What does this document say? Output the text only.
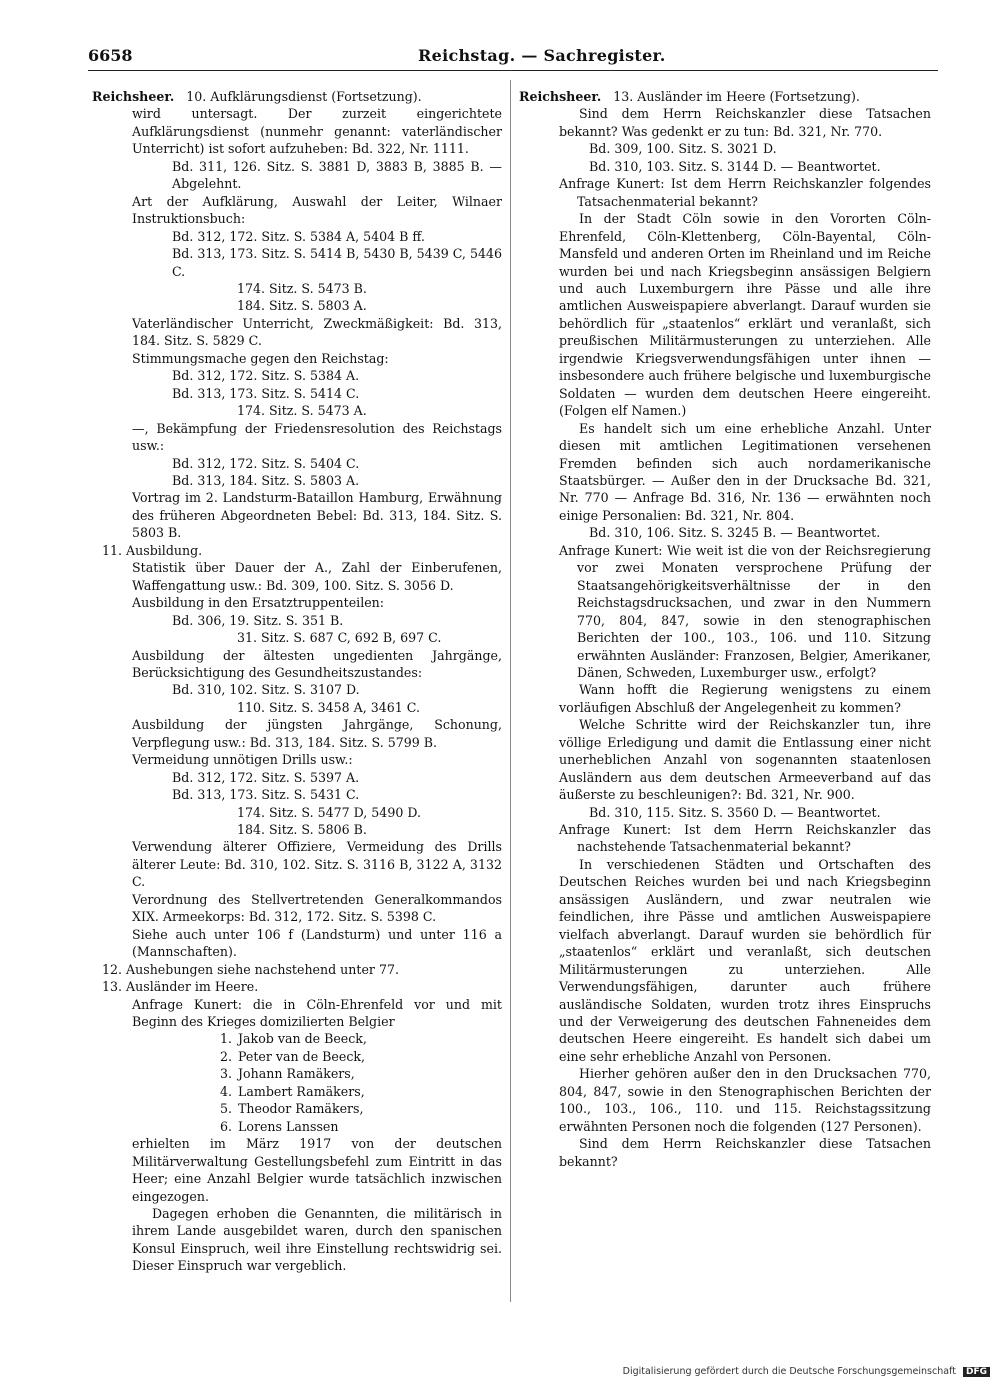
6658	Reichstag. — Sachregister.

Reichsheer. 10. Aufklärungsdienst (Fortsetzung).

wird untersagt. Der zurzeit eingerichtete Aufklärungsdienst (nunmehr genannt: vaterländischer Unterricht) ist sofort aufzuheben: Bd. 322, Nr. 1111.

Bd. 311, 126. Sitz. S. 3881 D, 3883 B, 3885 B. — Abgelehnt.

Art der Aufklärung, Auswahl der Leiter, Wilnaer Instruktionsbuch:

Bd. 312, 172. Sitz. S. 5384 A, 5404 B ff.

Bd. 313, 173. Sitz. S. 5414 B, 5430 B, 5439 C, 5446 C.

174. Sitz. S. 5473 B.

184. Sitz. S. 5803 A.

Vaterländischer Unterricht, Zweckmäßigkeit: Bd. 313, 184. Sitz. S. 5829 C.

Stimmungsmache gegen den Reichstag:

Bd. 312, 172. Sitz. S. 5384 A.

Bd. 313, 173. Sitz. S. 5414 C.

174. Sitz. S. 5473 A.

—, Bekämpfung der Friedensresolution des Reichstags usw.:

Bd. 312, 172. Sitz. S. 5404 C.

Bd. 313, 184. Sitz. S. 5803 A.

Vortrag im 2. Landsturm-Bataillon Hamburg, Erwähnung des früheren Abgeordneten Bebel: Bd. 313, 184. Sitz. S. 5803 B.

11. Ausbildung.

Statistik über Dauer der A., Zahl der Einberufenen, Waffengattung usw.: Bd. 309, 100. Sitz. S. 3056 D.

Ausbildung in den Ersatztruppenteilen:

Bd. 306, 19. Sitz. S. 351 B.

31. Sitz. S. 687 C, 692 B, 697 C.

Ausbildung der ältesten ungedienten Jahrgänge, Berücksichtigung des Gesundheitszustandes:

Bd. 310, 102. Sitz. S. 3107 D.

110. Sitz. S. 3458 A, 3461 C.

Ausbildung der jüngsten Jahrgänge, Schonung, Verpflegung usw.: Bd. 313, 184. Sitz. S. 5799 B.

Vermeidung unnötigen Drills usw.:

Bd. 312, 172. Sitz. S. 5397 A.

Bd. 313, 173. Sitz. S. 5431 C.

174. Sitz. S. 5477 D, 5490 D.

184. Sitz. S. 5806 B.

Verwendung älterer Offiziere, Vermeidung des Drills älterer Leute: Bd. 310, 102. Sitz. S. 3116 B, 3122 A, 3132 C.

Verordnung des Stellvertretenden Generalkommandos XIX. Armeekorps: Bd. 312, 172. Sitz. S. 5398 C.

Siehe auch unter 106 f (Landsturm) und unter 116 a (Mannschaften).

12. Aushebungen siehe nachstehend unter 77.

13. Ausländer im Heere.

Anfrage Kunert: die in Cöln-Ehrenfeld vor und mit Beginn des Krieges domizilierten Belgier

1. Jakob van de Beeck,

2. Peter van de Beeck,

3. Johann Ramäkers,

4. Lambert Ramäkers,

5. Theodor Ramäkers,

6. Lorens Lanssen

erhielten im März 1917 von der deutschen Militärverwaltung Gestellungsbefehl zum Eintritt in das Heer; eine Anzahl Belgier wurde tatsächlich inzwischen eingezogen.

Dagegen erhoben die Genannten, die militärisch in ihrem Lande ausgebildet waren, durch den spanischen Konsul Einspruch, weil ihre Einstellung rechtswidrig sei. Dieser Einspruch war vergeblich.

Reichsheer. 13. Ausländer im Heere (Fortsetzung).

Sind dem Herrn Reichskanzler diese Tatsachen bekannt? Was gedenkt er zu tun: Bd. 321, Nr. 770.

Bd. 309, 100. Sitz. S. 3021 D.

Bd. 310, 103. Sitz. S. 3144 D. — Beantwortet.

Anfrage Kunert: Ist dem Herrn Reichskanzler folgendes Tatsachenmaterial bekannt?

In der Stadt Cöln sowie in den Vororten Cöln-Ehrenfeld, Cöln-Klettenberg, Cöln-Bayental, Cöln-Mansfeld und anderen Orten im Rheinland und im Reiche wurden bei und nach Kriegsbeginn ansässigen Belgiern und auch Luxemburgern ihre Pässe und alle ihre amtlichen Ausweispapiere abverlangt. Darauf wurden sie behördlich für „staatenlos“ erklärt und veranlaßt, sich preußischen Militärmusterungen zu unterziehen. Alle irgendwie Kriegsverwendungsfähigen unter ihnen — insbesondere auch frühere belgische und luxemburgische Soldaten — wurden dem deutschen Heere eingereiht. (Folgen elf Namen.)

Es handelt sich um eine erhebliche Anzahl. Unter diesen mit amtlichen Legitimationen versehenen Fremden befinden sich auch nordamerikanische Staatsbürger. — Außer den in der Drucksache Bd. 321, Nr. 770 — Anfrage Bd. 316, Nr. 136 — erwähnten noch einige Personalien: Bd. 321, Nr. 804.

Bd. 310, 106. Sitz. S. 3245 B. — Beantwortet.

Anfrage Kunert: Wie weit ist die von der Reichsregierung vor zwei Monaten versprochene Prüfung der Staatsangehörigkeitsverhältnisse der in den Reichstagsdrucksachen, und zwar in den Nummern 770, 804, 847, sowie in den stenographischen Berichten der 100., 103., 106. und 110. Sitzung erwähnten Ausländer: Franzosen, Belgier, Amerikaner, Dänen, Schweden, Luxemburger usw., erfolgt?

Wann hofft die Regierung wenigstens zu einem vorläufigen Abschluß der Angelegenheit zu kommen?

Welche Schritte wird der Reichskanzler tun, ihre völlige Erledigung und damit die Entlassung einer nicht unerheblichen Anzahl von sogenannten staatenlosen Ausländern aus dem deutschen Armeeverband auf das äußerste zu beschleunigen?: Bd. 321, Nr. 900.

Bd. 310, 115. Sitz. S. 3560 D. — Beantwortet.

Anfrage Kunert: Ist dem Herrn Reichskanzler das nachstehende Tatsachenmaterial bekannt?

In verschiedenen Städten und Ortschaften des Deutschen Reiches wurden bei und nach Kriegsbeginn ansässigen Ausländern, und zwar neutralen wie feindlichen, ihre Pässe und amtlichen Ausweispapiere vielfach abverlangt. Darauf wurden sie behördlich für „staatenlos“ erklärt und veranlaßt, sich deutschen Militärmusterungen zu unterziehen. Alle Verwendungsfähigen, darunter auch frühere ausländische Soldaten, wurden trotz ihres Einspruchs und der Verweigerung des deutschen Fahneneides dem deutschen Heere eingereiht. Es handelt sich dabei um eine sehr erhebliche Anzahl von Personen.

Hierher gehören außer den in den Drucksachen 770, 804, 847, sowie in den Stenographischen Berichten der 100., 103., 106., 110. und 115. Reichstagssitzung erwähnten Personen noch die folgenden (127 Personen).

Sind dem Herrn Reichskanzler diese Tatsachen bekannt?

Digitalisierung gefördert durch die Deutsche Forschungsgemeinschaft DFG
